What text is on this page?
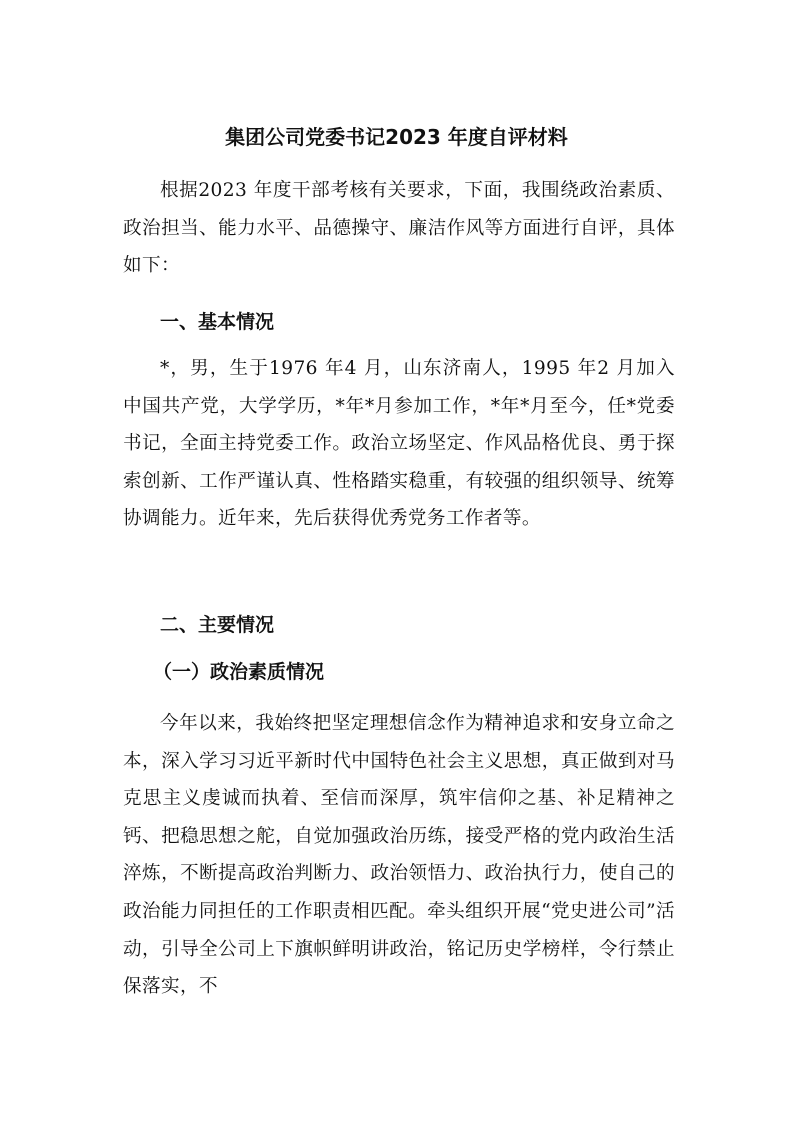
集团公司党委书记2023 年度自评材料

根据2023 年度干部考核有关要求，下面，我围绕政治素质、政治担当、能力水平、品德操守、廉洁作风等方面进行自评，具体如下：

一、基本情况

*，男，生于1976 年4 月，山东济南人，1995 年2 月加入中国共产党，大学学历，*年*月参加工作，*年*月至今，任*党委书记，全面主持党委工作。政治立场坚定、作风品格优良、勇于探索创新、工作严谨认真、性格踏实稳重，有较强的组织领导、统筹协调能力。近年来，先后获得优秀党务工作者等。

二、主要情况
（一）政治素质情况

今年以来，我始终把坚定理想信念作为精神追求和安身立命之本，深入学习习近平新时代中国特色社会主义思想，真正做到对马克思主义虔诚而执着、至信而深厚，筑牢信仰之基、补足精神之钙、把稳思想之舵，自觉加强政治历练，接受严格的党内政治生活淬炼，不断提高政治判断力、政治领悟力、政治执行力，使自己的政治能力同担任的工作职责相匹配。牵头组织开展“党史进公司”活动，引导全公司上下旗帜鲜明讲政治，铭记历史学榜样，令行禁止保落实，不
